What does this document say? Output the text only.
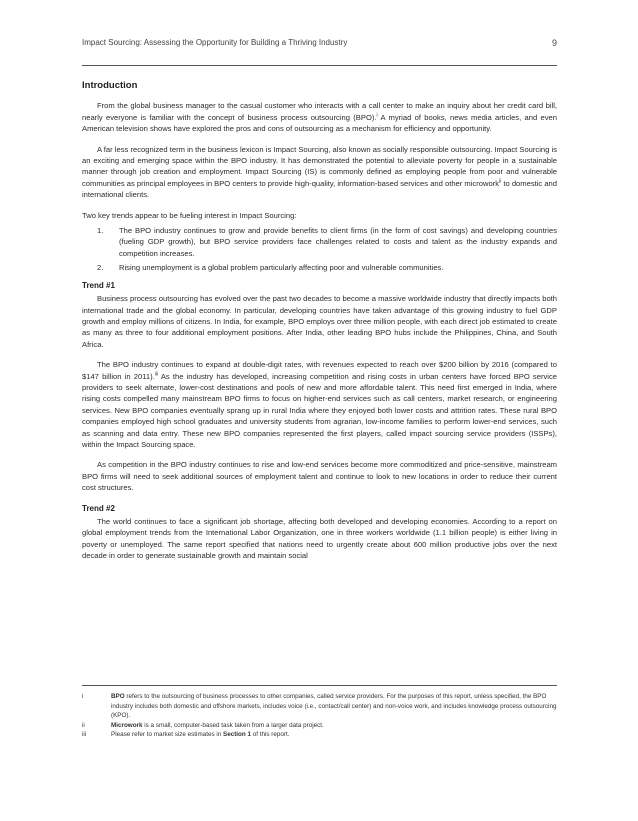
Impact Sourcing: Assessing the Opportunity for Building a Thriving Industry	9
Introduction

From the global business manager to the casual customer who interacts with a call center to make an inquiry about her credit card bill, nearly everyone is familiar with the concept of business process outsourcing (BPO).$^i$ A myriad of books, news media articles, and even American television shows have explored the pros and cons of outsourcing as a mechanism for efficiency and opportunity.

A far less recognized term in the business lexicon is Impact Sourcing, also known as socially responsible outsourcing. Impact Sourcing is an exciting and emerging space within the BPO industry. It has demonstrated the potential to alleviate poverty for people in a sustainable manner through job creation and employment. Impact Sourcing (IS) is commonly defined as employing people from poor and vulnerable communities as principal employees in BPO centers to provide high-quality, information-based services and other microwork$^{ii}$ to domestic and international clients.

Two key trends appear to be fueling interest in Impact Sourcing:

1. The BPO industry continues to grow and provide benefits to client firms (in the form of cost savings) and developing countries (fueling GDP growth), but BPO service providers face challenges related to costs and talent as the industry expands and competition increases.
2. Rising unemployment is a global problem particularly affecting poor and vulnerable communities.
Trend #1

Business process outsourcing has evolved over the past two decades to become a massive worldwide industry that directly impacts both international trade and the global economy. In particular, developing countries have taken advantage of this growing industry to fuel GDP growth and employ millions of citizens. In India, for example, BPO employs over three million people, with each direct job estimated to create as many as three to four additional employment positions. After India, other leading BPO hubs include the Philippines, China, and South Africa.

The BPO industry continues to expand at double-digit rates, with revenues expected to reach over $200 billion by 2016 (compared to $147 billion in 2011).$^{iii}$ As the industry has developed, increasing competition and rising costs in urban centers have forced BPO service providers to seek alternate, lower-cost destinations and pools of new and more affordable talent. This need first emerged in India, where rising costs compelled many mainstream BPO firms to focus on higher-end services such as call centers, market research, or engineering services. New BPO companies eventually sprang up in rural India where they enjoyed both lower costs and attrition rates. These rural BPO companies employed high school graduates and university students from agrarian, low-income families to perform lower-end services, such as scanning and data entry. These new BPO companies represented the first players, called impact sourcing service providers (ISSPs), within the Impact Sourcing space.

As competition in the BPO industry continues to rise and low-end services become more commoditized and price-sensitive, mainstream BPO firms will need to seek additional sources of employment talent and continue to look to new locations in order to reduce their current cost structures.

Trend #2

The world continues to face a significant job shortage, affecting both developed and developing economies. According to a report on global employment trends from the International Labor Organization, one in three workers worldwide (1.1 billion people) is either living in poverty or unemployed. The same report specified that nations need to urgently create about 600 million productive jobs over the next decade in order to generate sustainable growth and maintain social

i	BPO refers to the outsourcing of business processes to other companies, called service providers. For the purposes of this report, unless specified, the BPO industry includes both domestic and offshore markets, includes voice (i.e., contact/call center) and non-voice work, and includes knowledge process outsourcing (KPO).
ii	Microwork is a small, computer-based task taken from a larger data project.
iii	Please refer to market size estimates in Section 1 of this report.
